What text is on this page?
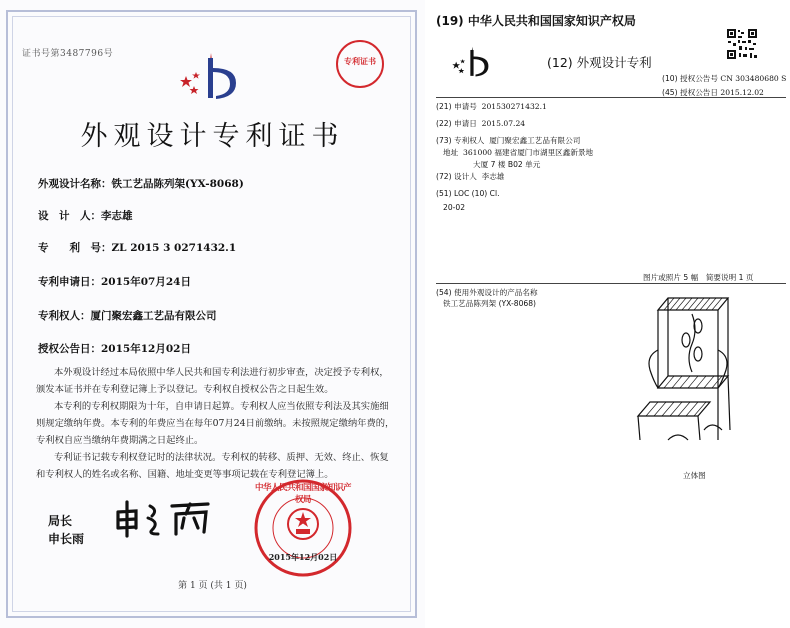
证书号第3487796号
专利证书
外观设计专利证书
外观设计名称：铁工艺品陈列架(YX-8068)
设　计　人：李志雄
专　　利　号：ZL 2015 3 0271432.1
专利申请日：2015年07月24日
专利权人：厦门聚宏鑫工艺品有限公司
授权公告日：2015年12月02日

本外观设计经过本局依照中华人民共和国专利法进行初步审查，决定授予专利权，颁发本证书并在专利登记簿上予以登记。专利权自授权公告之日起生效。

本专利的专利权期限为十年，自申请日起算。专利权人应当依照专利法及其实施细则规定缴纳年费。本专利的年费应当在每年07月24日前缴纳。未按照规定缴纳年费的，专利权自应当缴纳年费期满之日起终止。

专利证书记载专利权登记时的法律状况。专利权的转移、质押、无效、终止、恢复和专利权人的姓名或名称、国籍、地址变更等事项记载在专利登记簿上。

局长
申长雨
中华人民共和国国家知识产权局
2015年12月02日
第 1 页 (共 1 页)
(19) 中华人民共和国国家知识产权局
(12) 外观设计专利
(10) 授权公告号 CN 303480680 S
(45) 授权公告日 2015.12.02
(21) 申请号 201530271432.1
(22) 申请日 2015.07.24
(73) 专利权人 厦门聚宏鑫工艺品有限公司
地址 361000 福建省厦门市湖里区鑫新景地
大厦 7 楼 B02 单元
(72) 设计人 李志雄
(51) LOC (10) Cl.
20-02
图片或照片 5 幅　简要说明 1 页
(54) 使用外观设计的产品名称
铁工艺品陈列架 (YX-8068)
立体图
